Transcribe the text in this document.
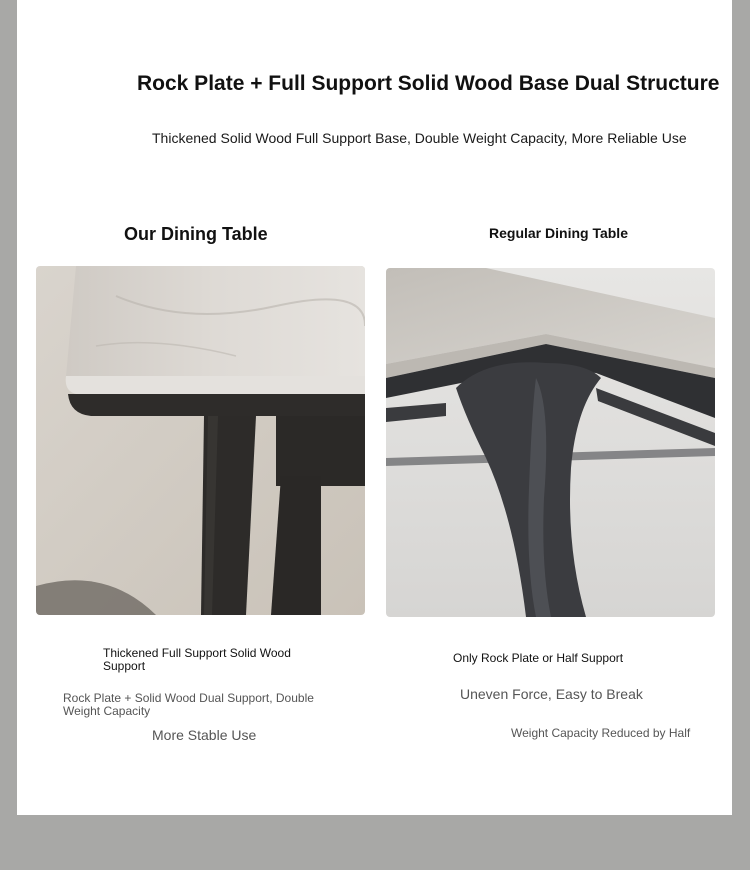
Rock Plate + Full Support Solid Wood Base Dual Structure

Thickened Solid Wood Full Support Base, Double Weight Capacity, More Reliable Use

Our Dining Table	Regular Dining Table

Thickened Full Support Solid Wood Support

Rock Plate + Solid Wood Dual Support, Double Weight Capacity

More Stable Use

Only Rock Plate or Half Support

Uneven Force, Easy to Break

Weight Capacity Reduced by Half
